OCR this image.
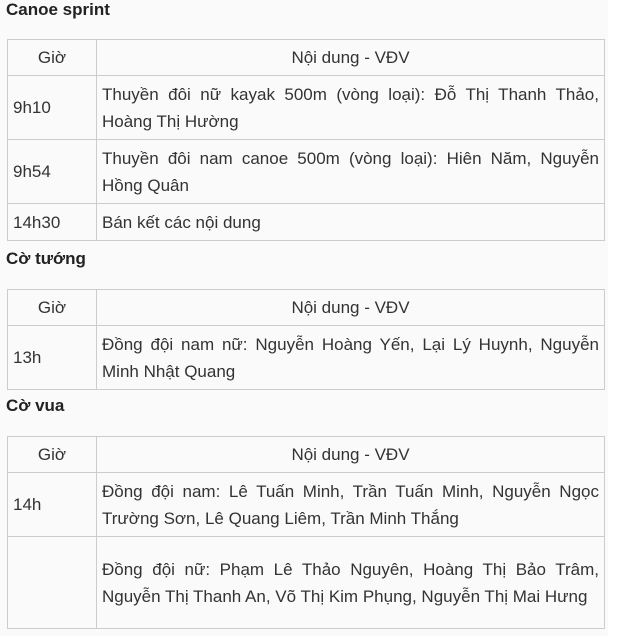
Canoe sprint
Giờ	Nội dung - VĐV
9h10	Thuyền đôi nữ kayak 500m (vòng loại): Đỗ Thị Thanh Thảo, Hoàng Thị Hường
9h54	Thuyền đôi nam canoe 500m (vòng loại): Hiên Năm, Nguyễn Hồng Quân
14h30	Bán kết các nội dung
Cờ tướng
Giờ	Nội dung - VĐV
13h	Đồng đội nam nữ: Nguyễn Hoàng Yến, Lại Lý Huynh, Nguyễn Minh Nhật Quang
Cờ vua
Giờ	Nội dung - VĐV
14h	Đồng đội nam: Lê Tuấn Minh, Trần Tuấn Minh, Nguyễn Ngọc Trường Sơn, Lê Quang Liêm, Trần Minh Thắng
	Đồng đội nữ: Phạm Lê Thảo Nguyên, Hoàng Thị Bảo Trâm, Nguyễn Thị Thanh An, Võ Thị Kim Phụng, Nguyễn Thị Mai Hưng
